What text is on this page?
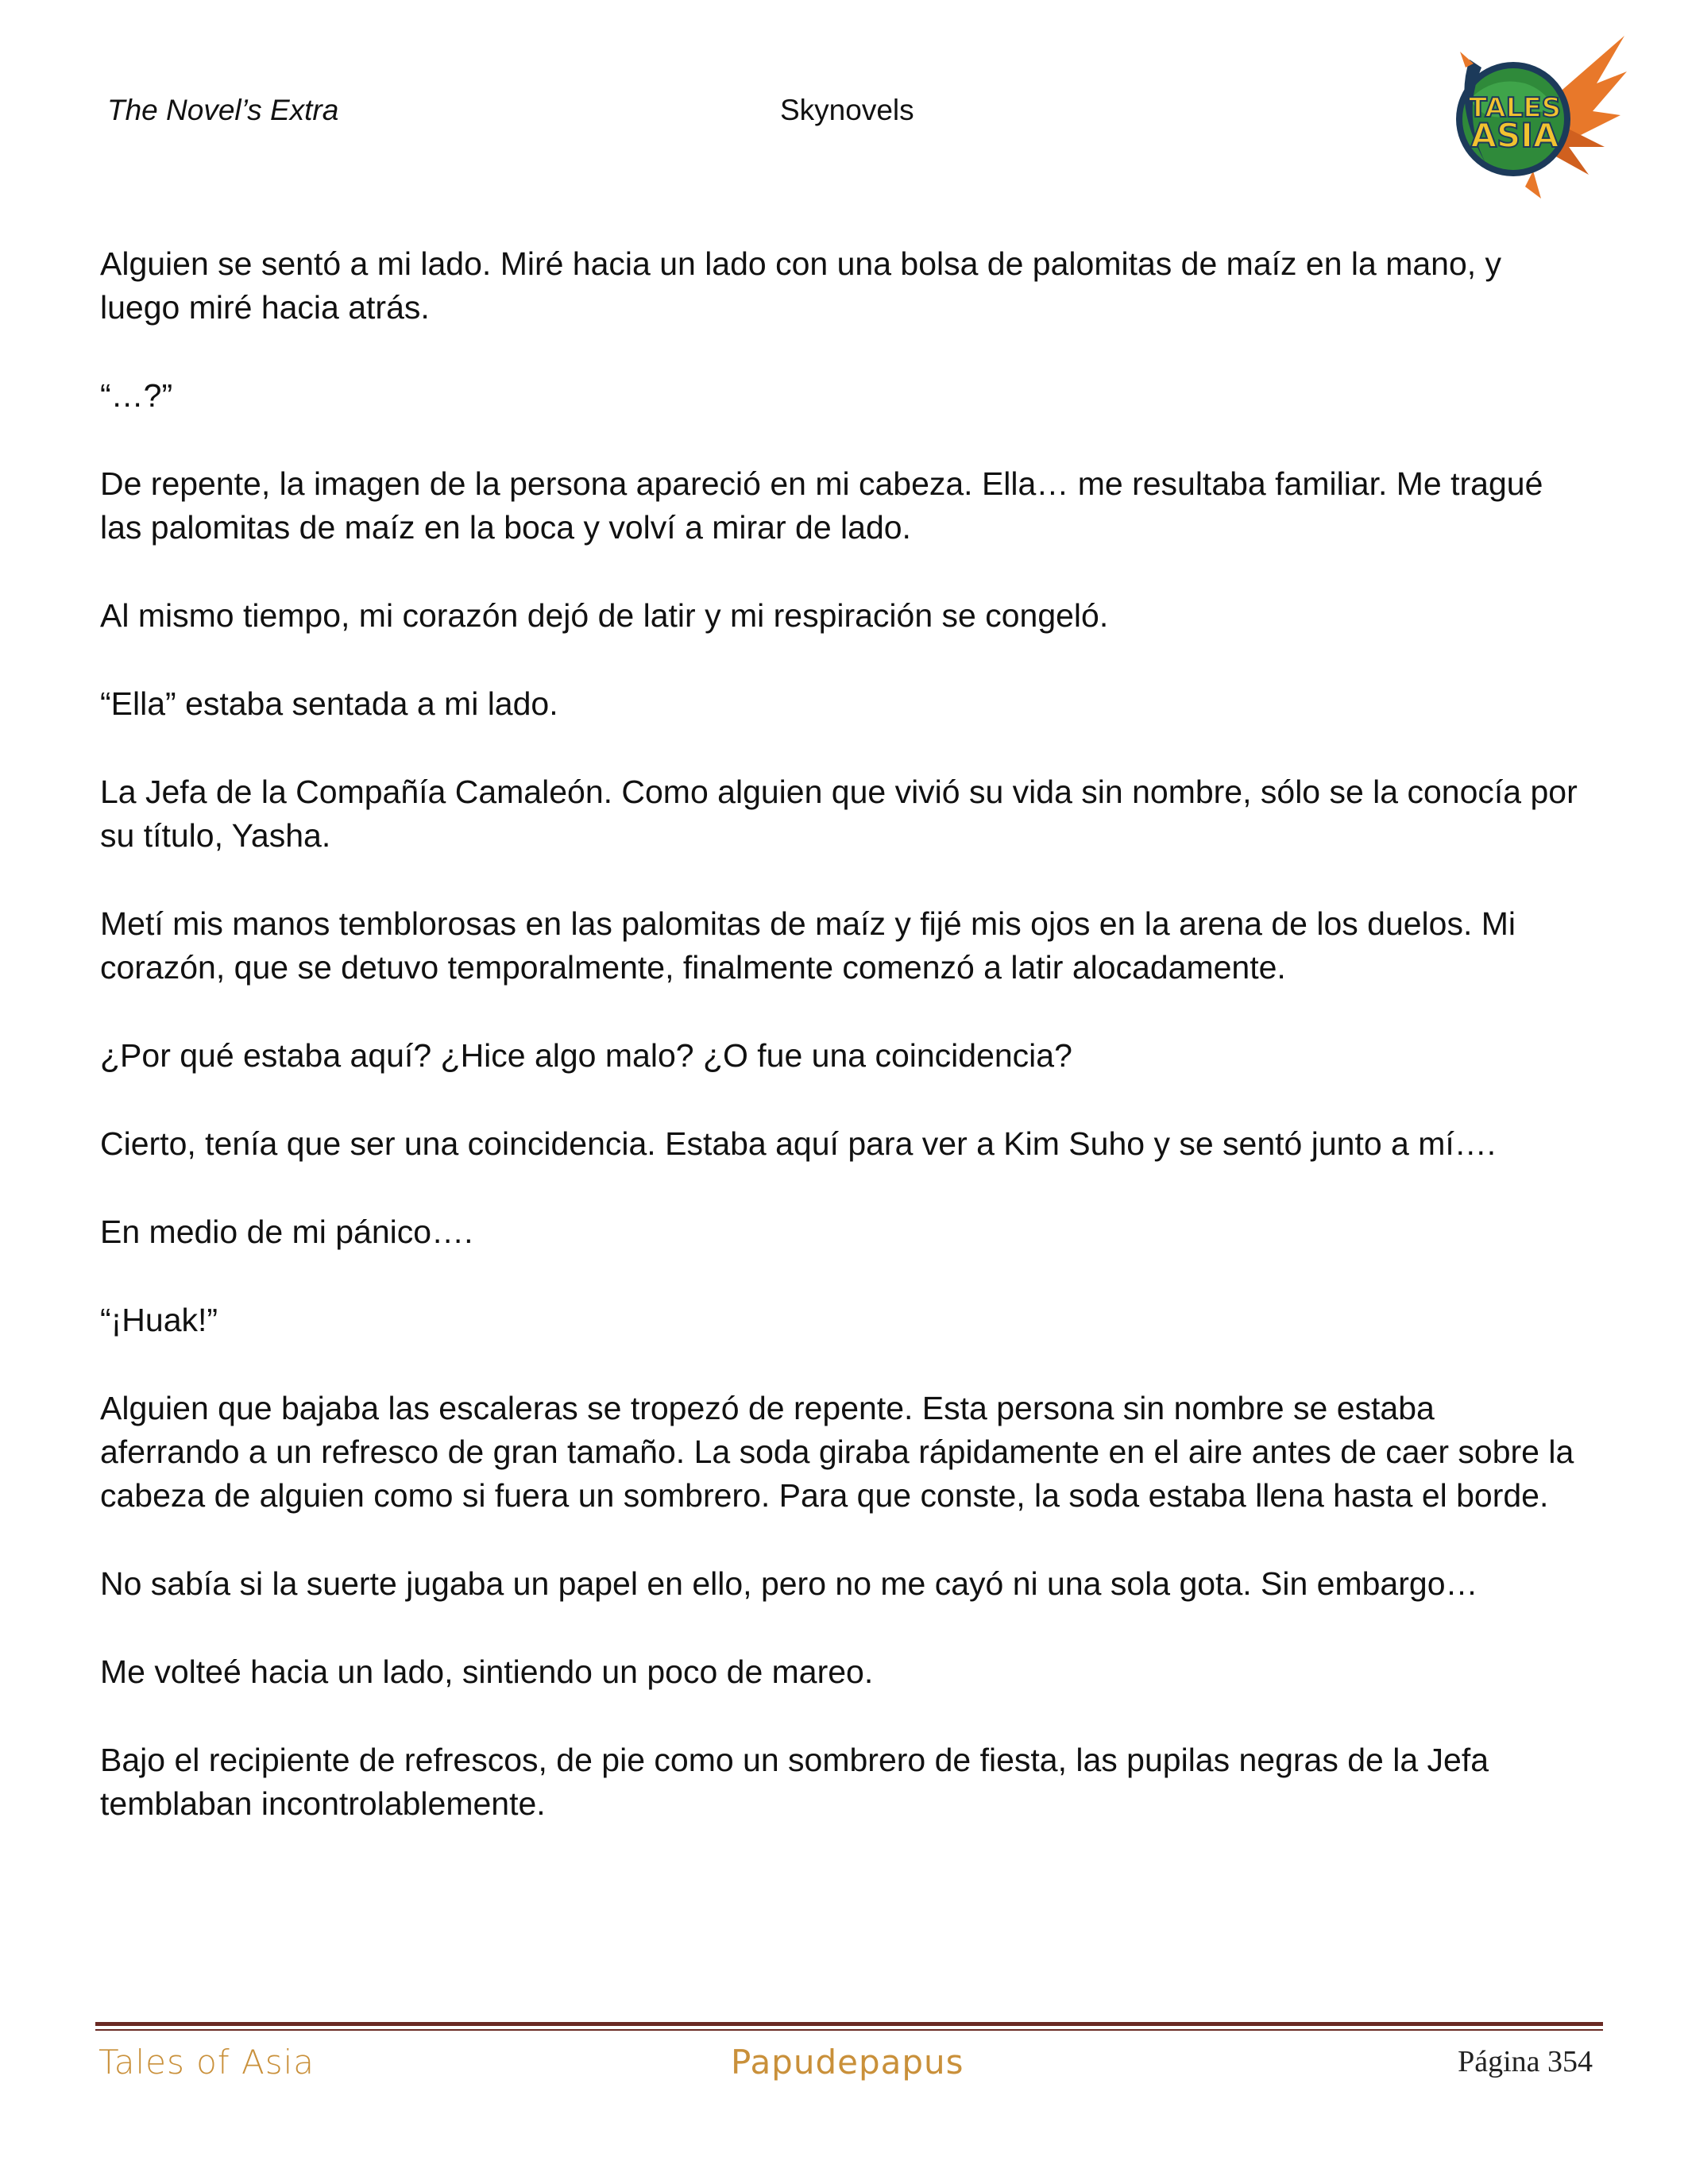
The Novel’s Extra	Skynovels	TALES
ASIA

Alguien se sentó a mi lado. Miré hacia un lado con una bolsa de palomitas de maíz en la mano, y luego miré hacia atrás.

“…?”

De repente, la imagen de la persona apareció en mi cabeza. Ella… me resultaba familiar. Me tragué las palomitas de maíz en la boca y volví a mirar de lado.

Al mismo tiempo, mi corazón dejó de latir y mi respiración se congeló.

“Ella” estaba sentada a mi lado.

La Jefa de la Compañía Camaleón. Como alguien que vivió su vida sin nombre, sólo se la conocía por su título, Yasha.

Metí mis manos temblorosas en las palomitas de maíz y fijé mis ojos en la arena de los duelos. Mi corazón, que se detuvo temporalmente, finalmente comenzó a latir alocadamente.

¿Por qué estaba aquí? ¿Hice algo malo? ¿O fue una coincidencia?

Cierto, tenía que ser una coincidencia. Estaba aquí para ver a Kim Suho y se sentó junto a mí….

En medio de mi pánico….

“¡Huak!”

Alguien que bajaba las escaleras se tropezó de repente. Esta persona sin nombre se estaba aferrando a un refresco de gran tamaño. La soda giraba rápidamente en el aire antes de caer sobre la cabeza de alguien como si fuera un sombrero. Para que conste, la soda estaba llena hasta el borde.

No sabía si la suerte jugaba un papel en ello, pero no me cayó ni una sola gota. Sin embargo…

Me volteé hacia un lado, sintiendo un poco de mareo.

Bajo el recipiente de refrescos, de pie como un sombrero de fiesta, las pupilas negras de la Jefa temblaban incontrolablemente.

Tales of Asia	Papudepapus	Página 354
